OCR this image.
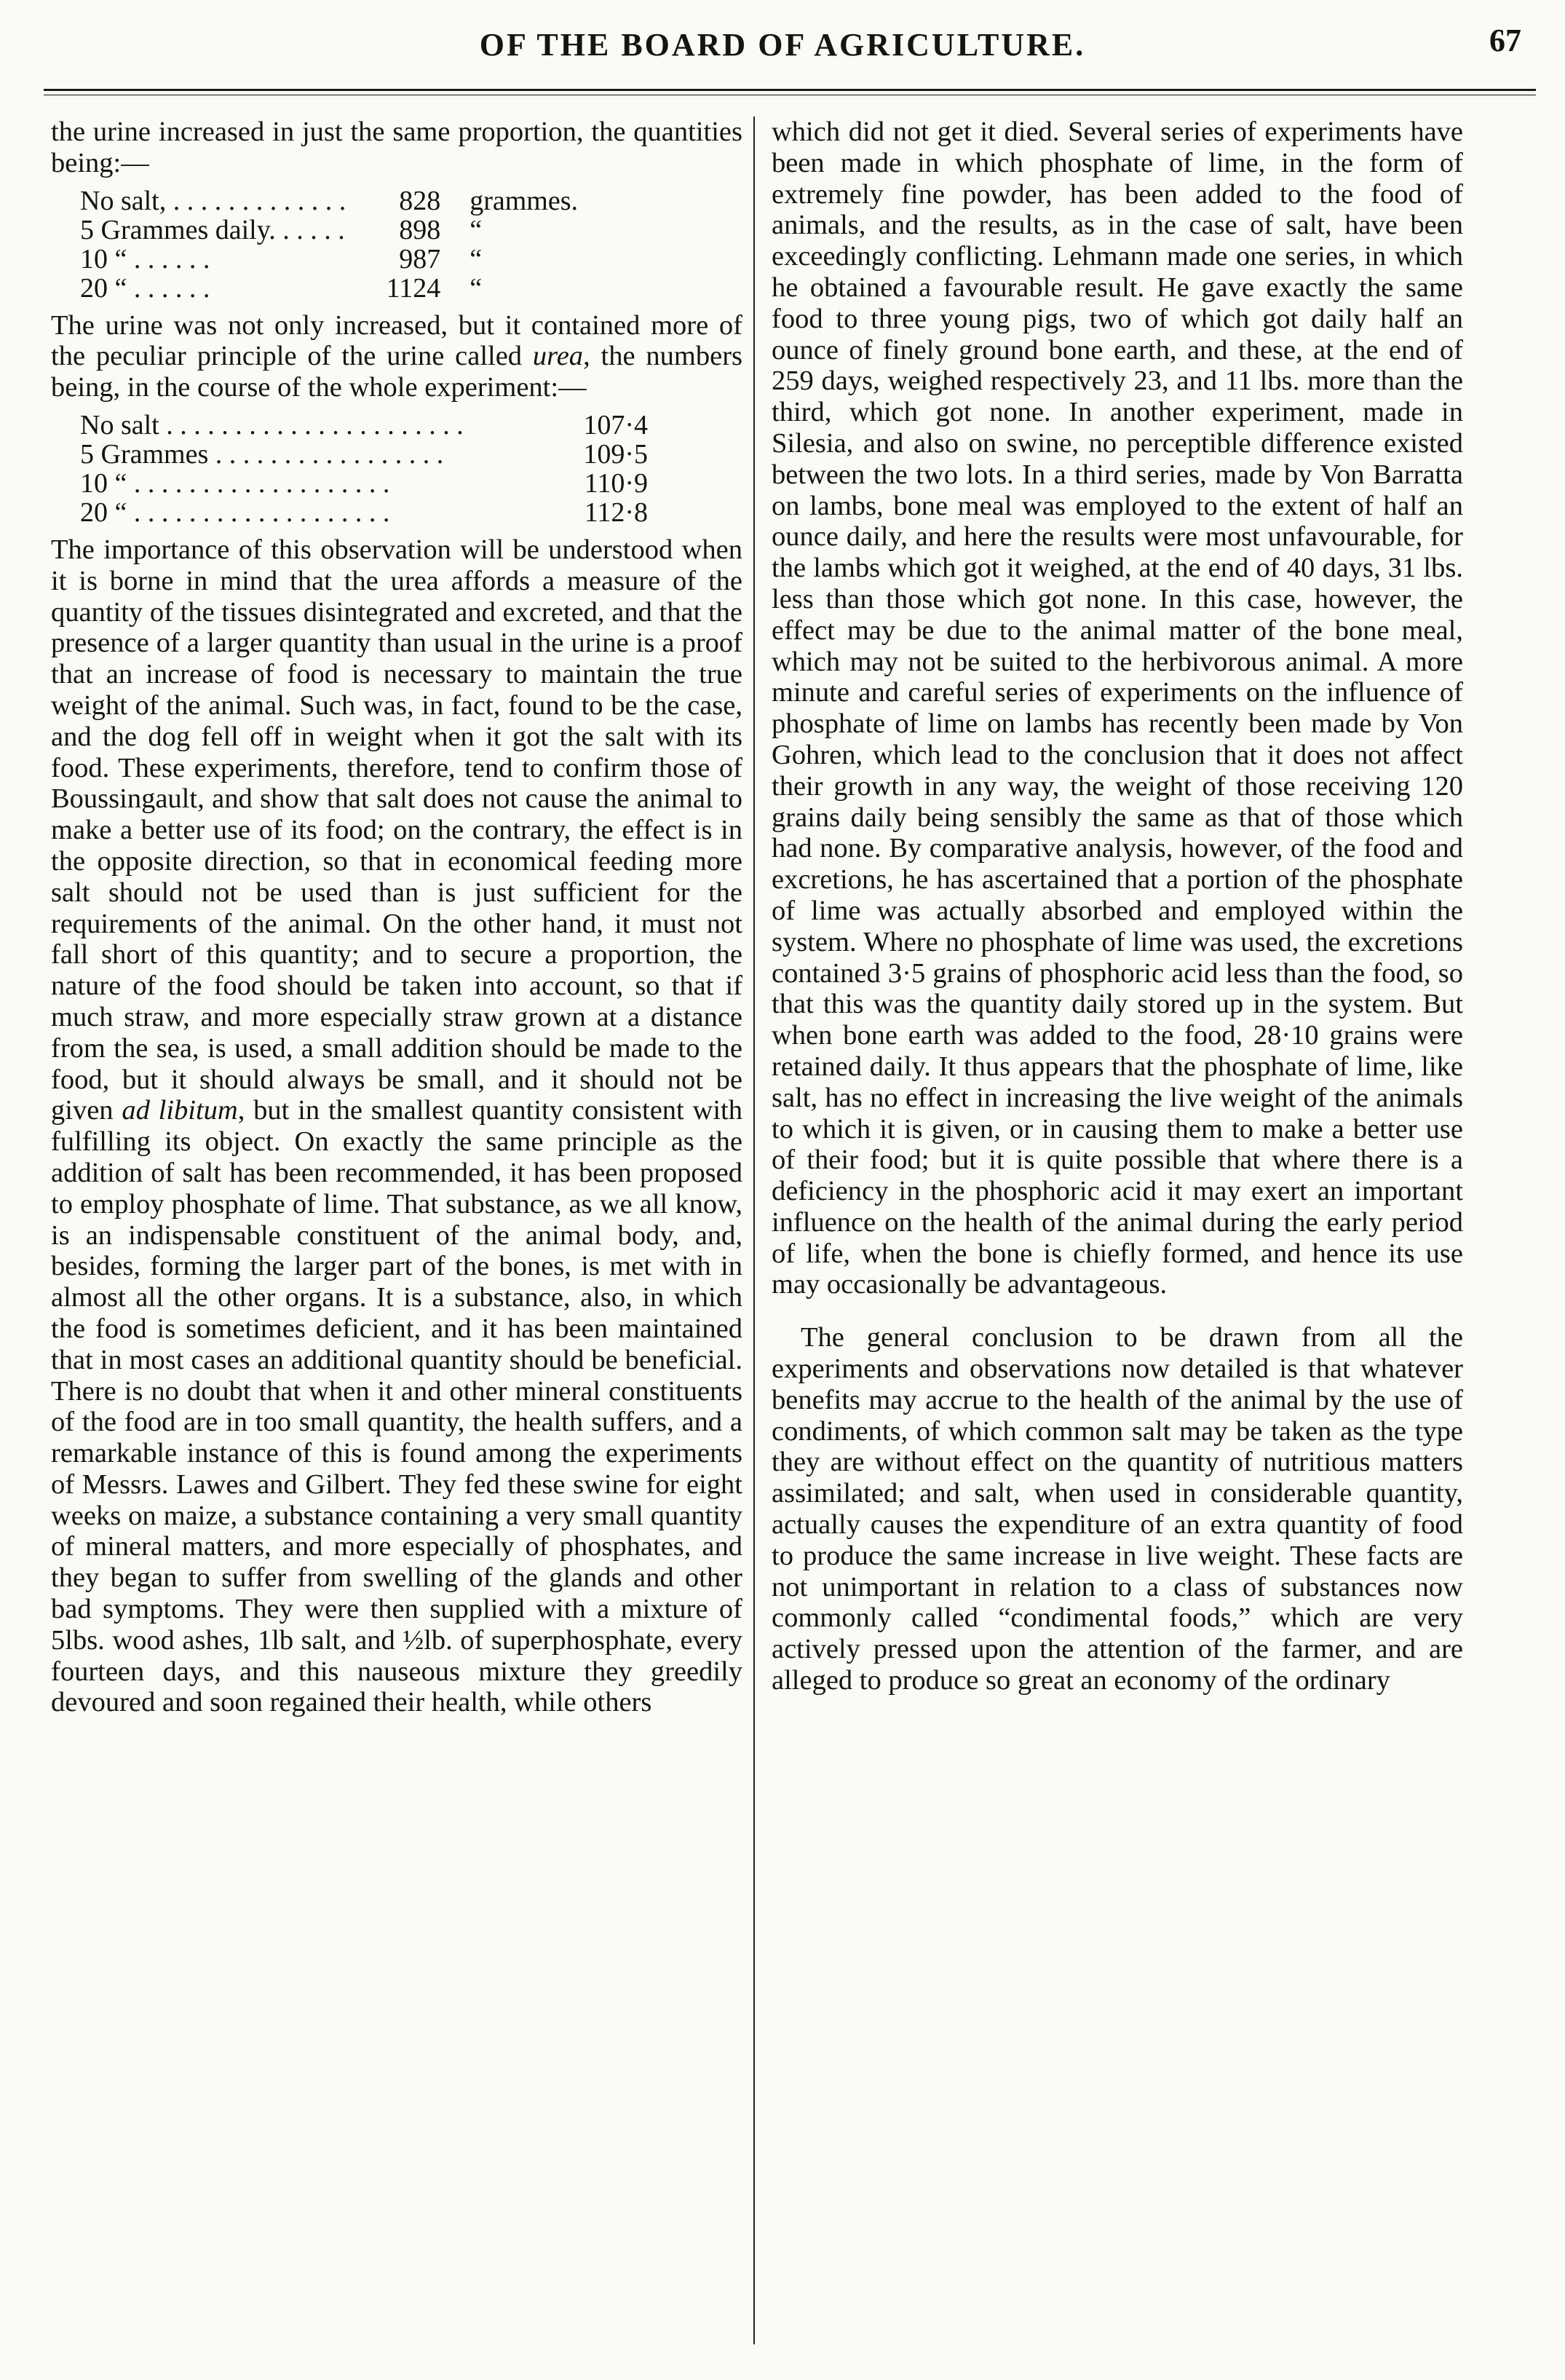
OF THE BOARD OF AGRICULTURE.	67

the urine increased in just the same proportion, the quantities being:—

No salt, . . . . . . . . . . . . .	828	grammes.
5 Grammes daily. . . . . .	898	“
10 “ . . . . . .	987	“
20 “ . . . . . .	1124	“

The urine was not only increased, but it contained more of the peculiar principle of the urine called urea, the numbers being, in the course of the whole experiment:—

No salt . . . . . . . . . . . . . . . . . . . . . .	107·4
5 Grammes . . . . . . . . . . . . . . . . .	109·5
10 “ . . . . . . . . . . . . . . . . . . .	110·9
20 “ . . . . . . . . . . . . . . . . . . .	112·8

The importance of this observation will be understood when it is borne in mind that the urea affords a measure of the quantity of the tissues disintegrated and excreted, and that the presence of a larger quantity than usual in the urine is a proof that an increase of food is necessary to maintain the true weight of the animal. Such was, in fact, found to be the case, and the dog fell off in weight when it got the salt with its food. These experiments, therefore, tend to confirm those of Boussingault, and show that salt does not cause the animal to make a better use of its food; on the contrary, the effect is in the opposite direction, so that in economical feeding more salt should not be used than is just sufficient for the requirements of the animal. On the other hand, it must not fall short of this quantity; and to secure a proportion, the nature of the food should be taken into account, so that if much straw, and more especially straw grown at a distance from the sea, is used, a small addition should be made to the food, but it should always be small, and it should not be given ad libitum, but in the smallest quantity consistent with fulfilling its object. On exactly the same principle as the addition of salt has been recommended, it has been proposed to employ phosphate of lime. That substance, as we all know, is an indispensable constituent of the animal body, and, besides, forming the larger part of the bones, is met with in almost all the other organs. It is a substance, also, in which the food is sometimes deficient, and it has been maintained that in most cases an additional quantity should be beneficial. There is no doubt that when it and other mineral constituents of the food are in too small quantity, the health suffers, and a remarkable instance of this is found among the experiments of Messrs. Lawes and Gilbert. They fed these swine for eight weeks on maize, a substance containing a very small quantity of mineral matters, and more especially of phosphates, and they began to suffer from swelling of the glands and other bad symptoms. They were then supplied with a mixture of 5lbs. wood ashes, 1lb salt, and ½lb. of superphosphate, every fourteen days, and this nauseous mixture they greedily devoured and soon regained their health, while others

which did not get it died. Several series of experiments have been made in which phosphate of lime, in the form of extremely fine powder, has been added to the food of animals, and the results, as in the case of salt, have been exceedingly conflicting. Lehmann made one series, in which he obtained a favourable result. He gave exactly the same food to three young pigs, two of which got daily half an ounce of finely ground bone earth, and these, at the end of 259 days, weighed respectively 23, and 11 lbs. more than the third, which got none. In another experiment, made in Silesia, and also on swine, no perceptible difference existed between the two lots. In a third series, made by Von Barratta on lambs, bone meal was employed to the extent of half an ounce daily, and here the results were most unfavourable, for the lambs which got it weighed, at the end of 40 days, 31 lbs. less than those which got none. In this case, however, the effect may be due to the animal matter of the bone meal, which may not be suited to the herbivorous animal. A more minute and careful series of experiments on the influence of phosphate of lime on lambs has recently been made by Von Gohren, which lead to the conclusion that it does not affect their growth in any way, the weight of those receiving 120 grains daily being sensibly the same as that of those which had none. By comparative analysis, however, of the food and excretions, he has ascertained that a portion of the phosphate of lime was actually absorbed and employed within the system. Where no phosphate of lime was used, the excretions contained 3·5 grains of phosphoric acid less than the food, so that this was the quantity daily stored up in the system. But when bone earth was added to the food, 28·10 grains were retained daily. It thus appears that the phosphate of lime, like salt, has no effect in increasing the live weight of the animals to which it is given, or in causing them to make a better use of their food; but it is quite possible that where there is a deficiency in the phosphoric acid it may exert an important influence on the health of the animal during the early period of life, when the bone is chiefly formed, and hence its use may occasionally be advantageous.

The general conclusion to be drawn from all the experiments and observations now detailed is that whatever benefits may accrue to the health of the animal by the use of condiments, of which common salt may be taken as the type they are without effect on the quantity of nutritious matters assimilated; and salt, when used in considerable quantity, actually causes the expenditure of an extra quantity of food to produce the same increase in live weight. These facts are not unimportant in relation to a class of substances now commonly called “condimental foods,” which are very actively pressed upon the attention of the farmer, and are alleged to produce so great an economy of the ordinary
